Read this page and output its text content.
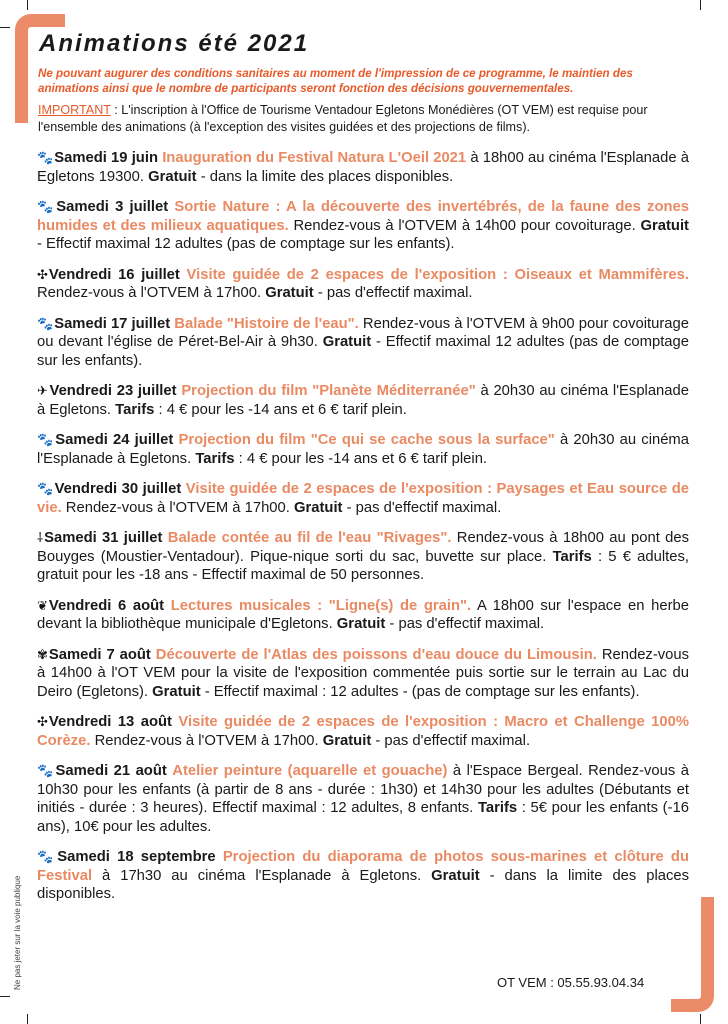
Animations été 2021

Ne pouvant augurer des conditions sanitaires au moment de l'impression de ce programme, le maintien des animations ainsi que le nombre de participants seront fonction des décisions gouvernementales.

IMPORTANT : L'inscription à l'Office de Tourisme Ventadour Egletons Monédières (OT VEM) est requise pour l'ensemble des animations (à l'exception des visites guidées et des projections de films).

🐾Samedi 19 juin Inauguration du Festival Natura L'Oeil 2021 à 18h00 au cinéma l'Esplanade à Egletons 19300. Gratuit - dans la limite des places disponibles.

🐾Samedi 3 juillet Sortie Nature : A la découverte des invertébrés, de la faune des zones humides et des milieux aquatiques. Rendez-vous à l'OTVEM à 14h00 pour covoiturage. Gratuit - Effectif maximal 12 adultes (pas de comptage sur les enfants).

✣Vendredi 16 juillet Visite guidée de 2 espaces de l'exposition : Oiseaux et Mammifères. Rendez-vous à l'OTVEM à 17h00. Gratuit - pas d'effectif maximal.

🐾Samedi 17 juillet Balade "Histoire de l'eau". Rendez-vous à l'OTVEM à 9h00 pour covoiturage ou devant l'église de Péret-Bel-Air à 9h30. Gratuit - Effectif maximal 12 adultes (pas de comptage sur les enfants).

✈Vendredi 23 juillet Projection du film "Planète Méditerranée" à 20h30 au cinéma l'Esplanade à Egletons. Tarifs : 4 € pour les -14 ans et 6 € tarif plein.

🐾Samedi 24 juillet Projection du film "Ce qui se cache sous la surface" à 20h30 au cinéma l'Esplanade à Egletons. Tarifs : 4 € pour les -14 ans et 6 € tarif plein.

🐾Vendredi 30 juillet Visite guidée de 2 espaces de l'exposition : Paysages et Eau source de vie. Rendez-vous à l'OTVEM à 17h00. Gratuit - pas d'effectif maximal.

⸸Samedi 31 juillet Balade contée au fil de l'eau "Rivages". Rendez-vous à 18h00 au pont des Bouyges (Moustier-Ventadour). Pique-nique sorti du sac, buvette sur place. Tarifs : 5 € adultes, gratuit pour les -18 ans - Effectif maximal de 50 personnes.

❦Vendredi 6 août Lectures musicales : "Ligne(s) de grain". A 18h00 sur l'espace en herbe devant la bibliothèque municipale d'Egletons. Gratuit - pas d'effectif maximal.

✾Samedi 7 août Découverte de l'Atlas des poissons d'eau douce du Limousin. Rendez-vous à 14h00 à l'OT VEM pour la visite de l'exposition commentée puis sortie sur le terrain au Lac du Deiro (Egletons). Gratuit - Effectif maximal : 12 adultes - (pas de comptage sur les enfants).

✣Vendredi 13 août Visite guidée de 2 espaces de l'exposition : Macro et Challenge 100% Corèze. Rendez-vous à l'OTVEM à 17h00. Gratuit - pas d'effectif maximal.

🐾Samedi 21 août Atelier peinture (aquarelle et gouache) à l'Espace Bergeal. Rendez-vous à 10h30 pour les enfants (à partir de 8 ans - durée : 1h30) et 14h30 pour les adultes (Débutants et initiés - durée : 3 heures). Effectif maximal : 12 adultes, 8 enfants. Tarifs : 5€ pour les enfants (-16 ans), 10€ pour les adultes.

🐾Samedi 18 septembre Projection du diaporama de photos sous-marines et clôture du Festival à 17h30 au cinéma l'Esplanade à Egletons. Gratuit - dans la limite des places disponibles.

Ne pas jeter sur la voie publique	OT VEM : 05.55.93.04.34
